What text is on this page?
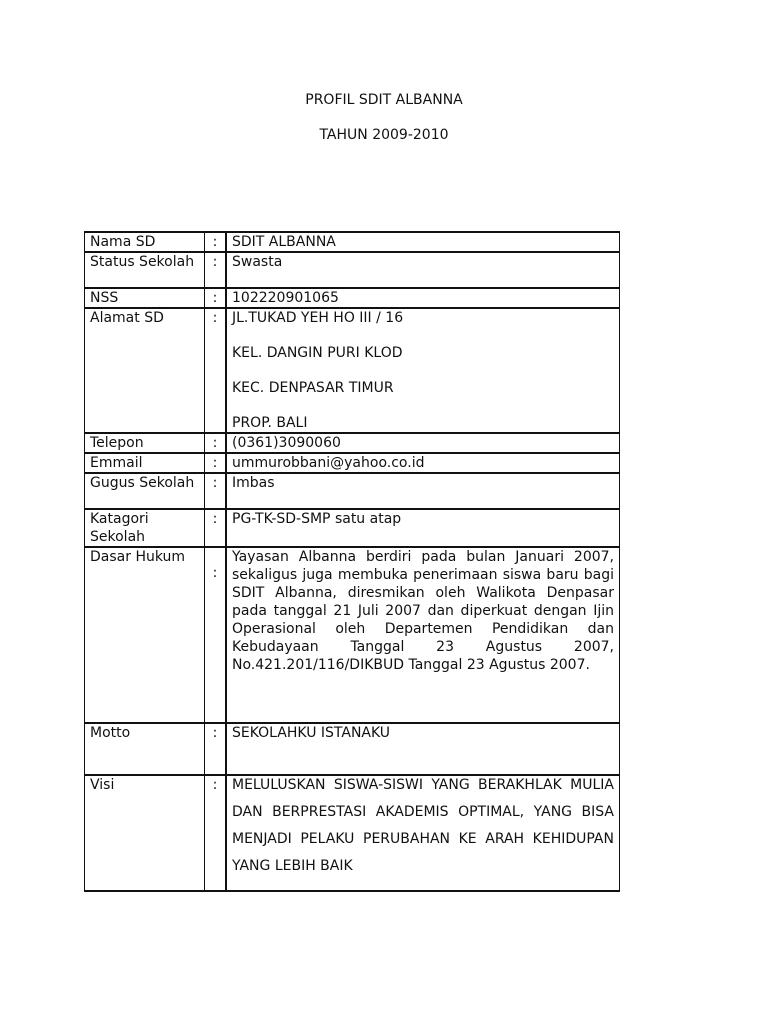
PROFIL SDIT ALBANNA
TAHUN 2009-2010
Nama SD	:	SDIT ALBANNA
Status Sekolah	:	Swasta
NSS	:	102220901065
Alamat SD	:	JL.TUKAD YEH HO III / 16
KEL. DANGIN PURI KLOD
KEC. DENPASAR TIMUR
PROP. BALI

Telepon	:	(0361)3090060
Emmail	:	ummurobbani@yahoo.co.id
Gugus Sekolah	:	Imbas
Katagori Sekolah	:	PG-TK-SD-SMP satu atap
Dasar Hukum	:	Yayasan Albanna berdiri pada bulan Januari 2007, sekaligus juga membuka penerimaan siswa baru bagi SDIT Albanna, diresmikan oleh Walikota Denpasar pada tanggal 21 Juli 2007 dan diperkuat dengan Ijin Operasional oleh Departemen Pendidikan dan Kebudayaan Tanggal 23 Agustus 2007, No.421.201/116/DIKBUD Tanggal 23 Agustus 2007.

Motto	:	SEKOLAHKU ISTANAKU
Visi	:	MELULUSKAN SISWA-SISWI YANG BERAKHLAK MULIA DAN BERPRESTASI AKADEMIS OPTIMAL, YANG BISA MENJADI PELAKU PERUBAHAN KE ARAH KEHIDUPAN YANG LEBIH BAIK
